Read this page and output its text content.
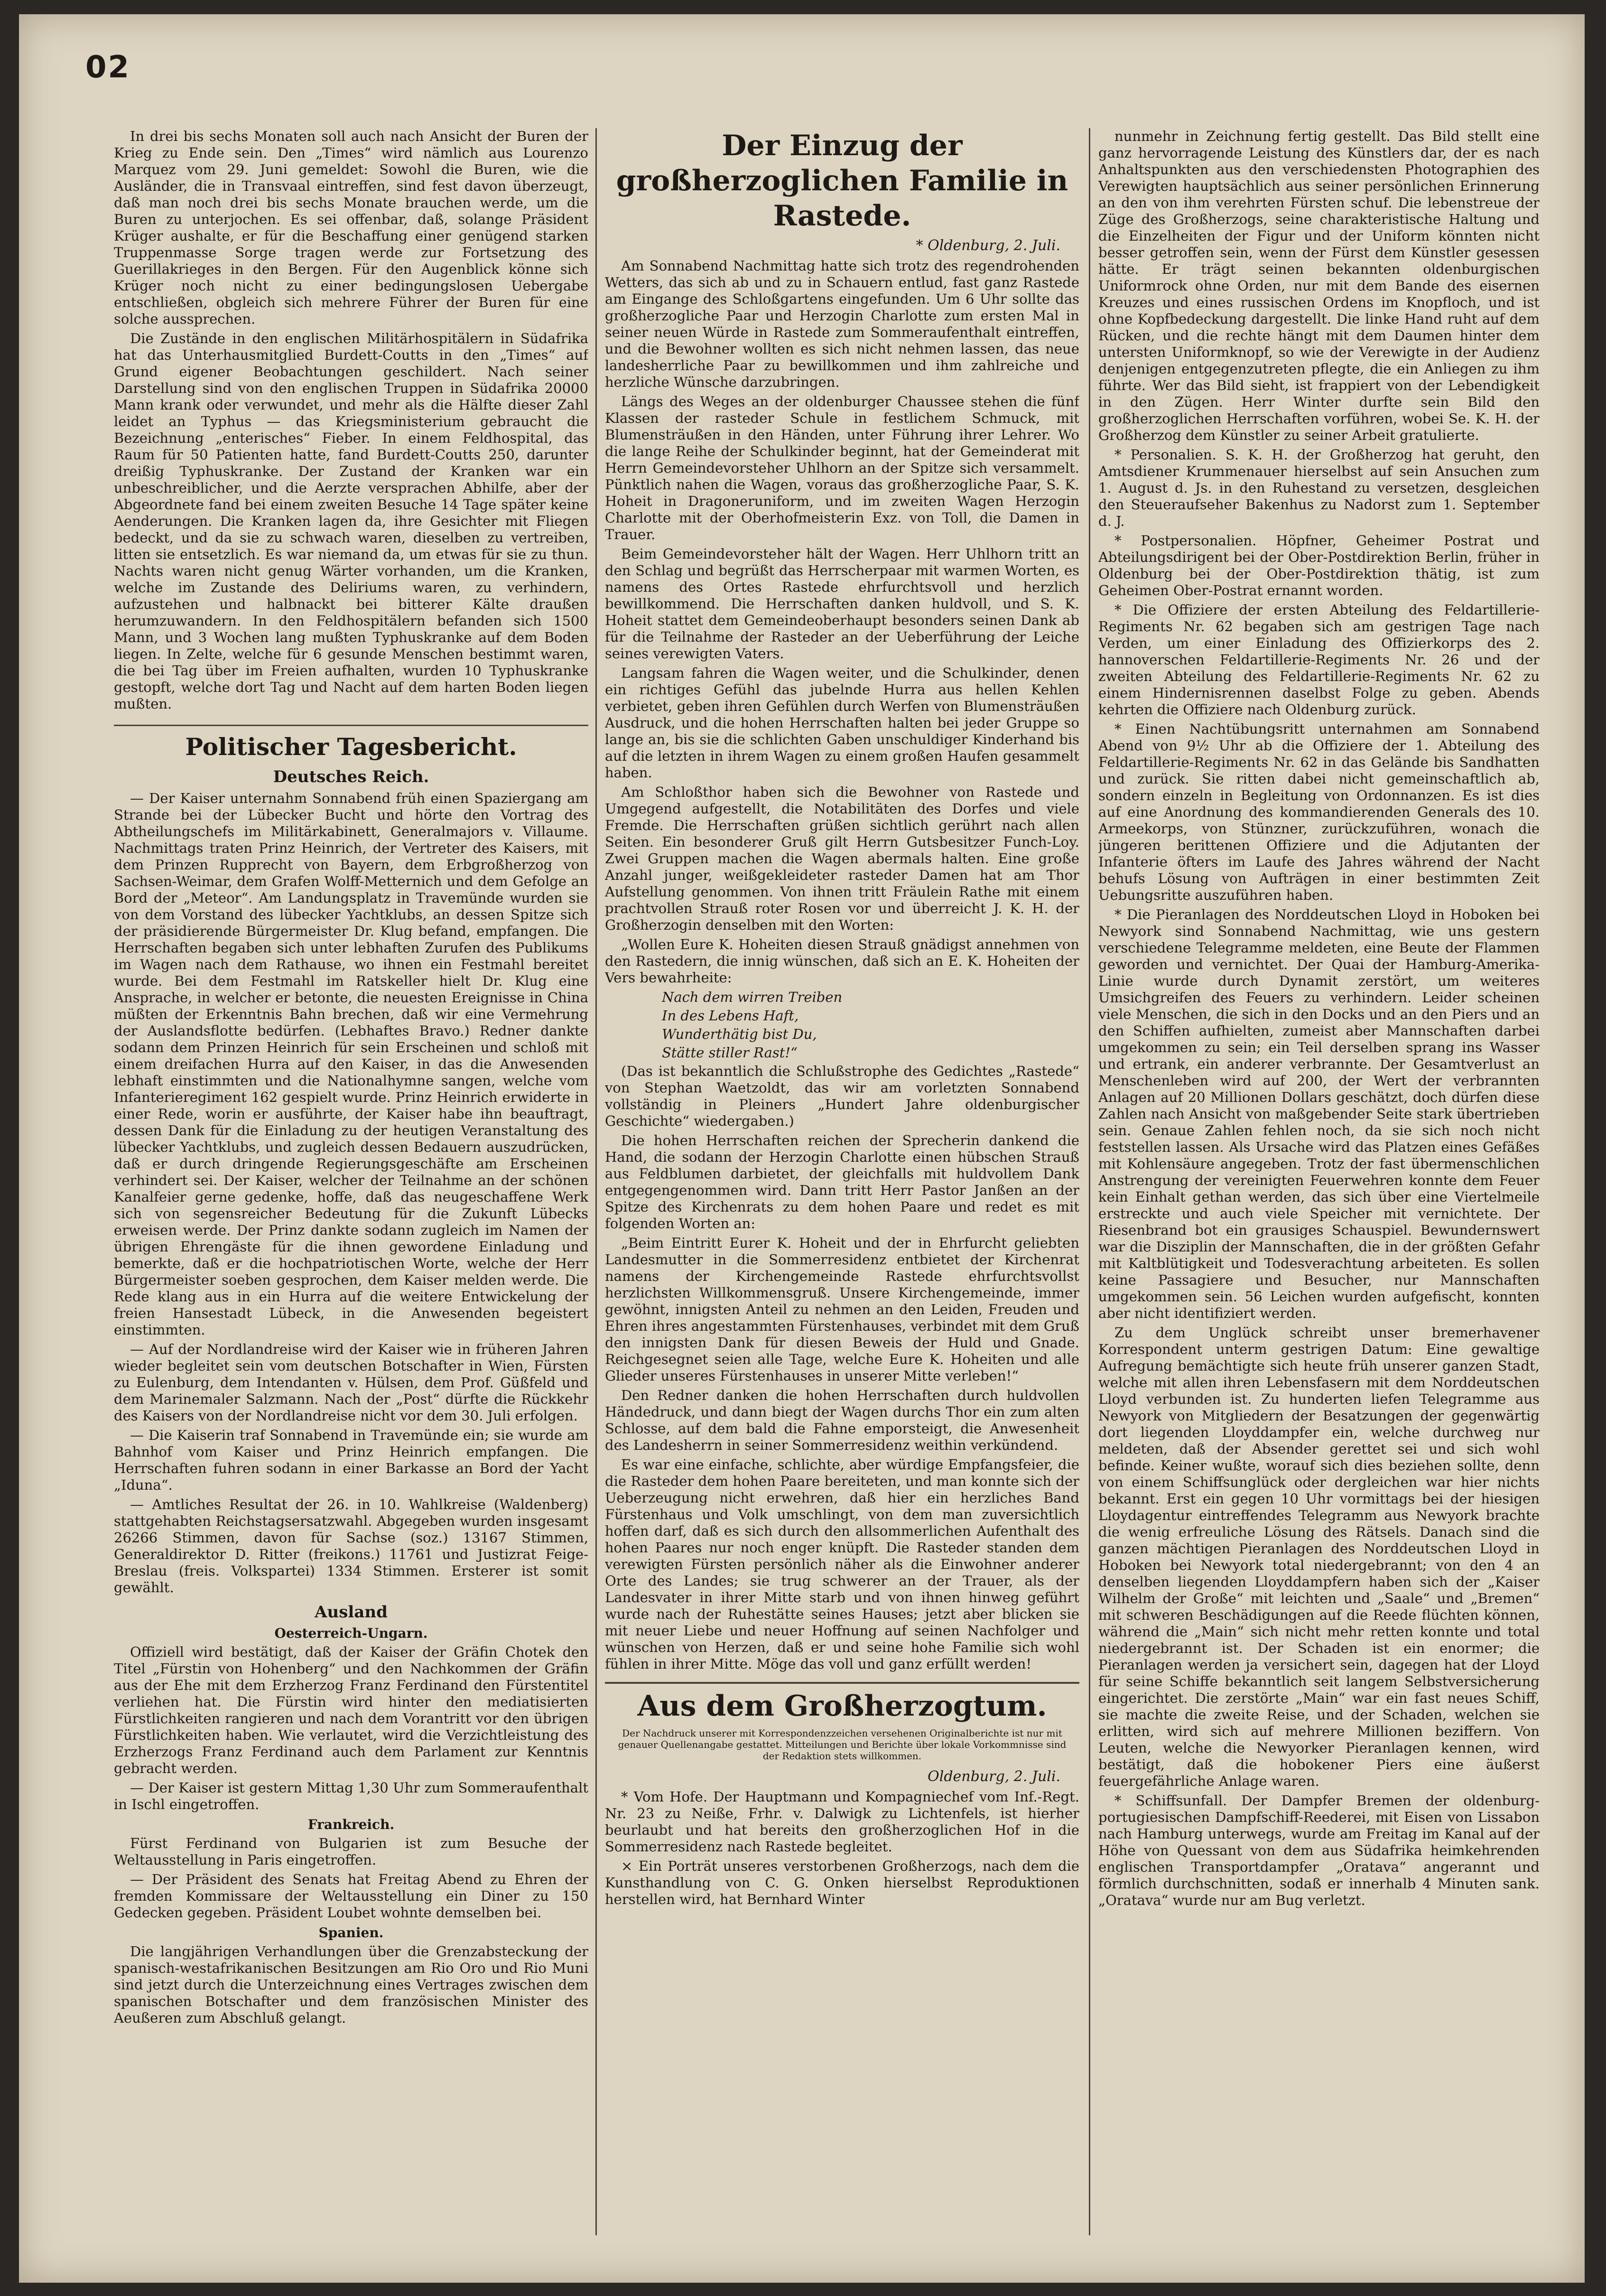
02

In drei bis sechs Monaten soll auch nach Ansicht der Buren der Krieg zu Ende sein. Den „Times“ wird nämlich aus Lourenzo Marquez vom 29. Juni gemeldet: Sowohl die Buren, wie die Ausländer, die in Transvaal eintreffen, sind fest davon überzeugt, daß man noch drei bis sechs Monate brauchen werde, um die Buren zu unterjochen. Es sei offenbar, daß, solange Präsident Krüger aushalte, er für die Beschaffung einer genügend starken Truppenmasse Sorge tragen werde zur Fortsetzung des Guerillakrieges in den Bergen. Für den Augenblick könne sich Krüger noch nicht zu einer bedingungslosen Uebergabe entschließen, obgleich sich mehrere Führer der Buren für eine solche aussprechen.

Die Zustände in den englischen Militärhospitälern in Südafrika hat das Unterhausmitglied Burdett-Coutts in den „Times“ auf Grund eigener Beobachtungen geschildert. Nach seiner Darstellung sind von den englischen Truppen in Südafrika 20000 Mann krank oder verwundet, und mehr als die Hälfte dieser Zahl leidet an Typhus — das Kriegsministerium gebraucht die Bezeichnung „enterisches“ Fieber. In einem Feldhospital, das Raum für 50 Patienten hatte, fand Burdett-Coutts 250, darunter dreißig Typhuskranke. Der Zustand der Kranken war ein unbeschreiblicher, und die Aerzte versprachen Abhilfe, aber der Abgeordnete fand bei einem zweiten Besuche 14 Tage später keine Aenderungen. Die Kranken lagen da, ihre Gesichter mit Fliegen bedeckt, und da sie zu schwach waren, dieselben zu vertreiben, litten sie entsetzlich. Es war niemand da, um etwas für sie zu thun. Nachts waren nicht genug Wärter vorhanden, um die Kranken, welche im Zustande des Deliriums waren, zu verhindern, aufzustehen und halbnackt bei bitterer Kälte draußen herumzuwandern. In den Feldhospitälern befanden sich 1500 Mann, und 3 Wochen lang mußten Typhuskranke auf dem Boden liegen. In Zelte, welche für 6 gesunde Menschen bestimmt waren, die bei Tag über im Freien aufhalten, wurden 10 Typhuskranke gestopft, welche dort Tag und Nacht auf dem harten Boden liegen mußten.

Politischer Tagesbericht.
Deutsches Reich.

— Der Kaiser unternahm Sonnabend früh einen Spaziergang am Strande bei der Lübecker Bucht und hörte den Vortrag des Abtheilungschefs im Militärkabinett, Generalmajors v. Villaume. Nachmittags traten Prinz Heinrich, der Vertreter des Kaisers, mit dem Prinzen Rupprecht von Bayern, dem Erbgroßherzog von Sachsen-Weimar, dem Grafen Wolff-Metternich und dem Gefolge an Bord der „Meteor“. Am Landungsplatz in Travemünde wurden sie von dem Vorstand des lübecker Yachtklubs, an dessen Spitze sich der präsidierende Bürgermeister Dr. Klug befand, empfangen. Die Herrschaften begaben sich unter lebhaften Zurufen des Publikums im Wagen nach dem Rathause, wo ihnen ein Festmahl bereitet wurde. Bei dem Festmahl im Ratskeller hielt Dr. Klug eine Ansprache, in welcher er betonte, die neuesten Ereignisse in China müßten der Erkenntnis Bahn brechen, daß wir eine Vermehrung der Auslandsflotte bedürfen. (Lebhaftes Bravo.) Redner dankte sodann dem Prinzen Heinrich für sein Erscheinen und schloß mit einem dreifachen Hurra auf den Kaiser, in das die Anwesenden lebhaft einstimmten und die Nationalhymne sangen, welche vom Infanterieregiment 162 gespielt wurde. Prinz Heinrich erwiderte in einer Rede, worin er ausführte, der Kaiser habe ihn beauftragt, dessen Dank für die Einladung zu der heutigen Veranstaltung des lübecker Yachtklubs, und zugleich dessen Bedauern auszudrücken, daß er durch dringende Regierungsgeschäfte am Erscheinen verhindert sei. Der Kaiser, welcher der Teilnahme an der schönen Kanalfeier gerne gedenke, hoffe, daß das neugeschaffene Werk sich von segensreicher Bedeutung für die Zukunft Lübecks erweisen werde. Der Prinz dankte sodann zugleich im Namen der übrigen Ehrengäste für die ihnen gewordene Einladung und bemerkte, daß er die hochpatriotischen Worte, welche der Herr Bürgermeister soeben gesprochen, dem Kaiser melden werde. Die Rede klang aus in ein Hurra auf die weitere Entwickelung der freien Hansestadt Lübeck, in die Anwesenden begeistert einstimmten.

— Auf der Nordlandreise wird der Kaiser wie in früheren Jahren wieder begleitet sein vom deutschen Botschafter in Wien, Fürsten zu Eulenburg, dem Intendanten v. Hülsen, dem Prof. Güßfeld und dem Marinemaler Salzmann. Nach der „Post“ dürfte die Rückkehr des Kaisers von der Nordlandreise nicht vor dem 30. Juli erfolgen.

— Die Kaiserin traf Sonnabend in Travemünde ein; sie wurde am Bahnhof vom Kaiser und Prinz Heinrich empfangen. Die Herrschaften fuhren sodann in einer Barkasse an Bord der Yacht „Iduna“.

— Amtliches Resultat der 26. in 10. Wahlkreise (Waldenberg) stattgehabten Reichstagsersatzwahl. Abgegeben wurden insgesamt 26266 Stimmen, davon für Sachse (soz.) 13167 Stimmen, Generaldirektor D. Ritter (freikons.) 11761 und Justizrat Feige-Breslau (freis. Volkspartei) 1334 Stimmen. Ersterer ist somit gewählt.

Ausland
Oesterreich-Ungarn.

Offiziell wird bestätigt, daß der Kaiser der Gräfin Chotek den Titel „Fürstin von Hohenberg“ und den Nachkommen der Gräfin aus der Ehe mit dem Erzherzog Franz Ferdinand den Fürstentitel verliehen hat. Die Fürstin wird hinter den mediatisierten Fürstlichkeiten rangieren und nach dem Vorantritt vor den übrigen Fürstlichkeiten haben. Wie verlautet, wird die Verzichtleistung des Erzherzogs Franz Ferdinand auch dem Parlament zur Kenntnis gebracht werden.

— Der Kaiser ist gestern Mittag 1,30 Uhr zum Sommeraufenthalt in Ischl eingetroffen.

Frankreich.

Fürst Ferdinand von Bulgarien ist zum Besuche der Weltausstellung in Paris eingetroffen.

— Der Präsident des Senats hat Freitag Abend zu Ehren der fremden Kommissare der Weltausstellung ein Diner zu 150 Gedecken gegeben. Präsident Loubet wohnte demselben bei.

Spanien.

Die langjährigen Verhandlungen über die Grenzabsteckung der spanisch-westafrikanischen Besitzungen am Rio Oro und Rio Muni sind jetzt durch die Unterzeichnung eines Vertrages zwischen dem spanischen Botschafter und dem französischen Minister des Aeußeren zum Abschluß gelangt.

Der Einzug der großherzoglichen Familie in Rastede.
* Oldenburg, 2. Juli.

Am Sonnabend Nachmittag hatte sich trotz des regendrohenden Wetters, das sich ab und zu in Schauern entlud, fast ganz Rastede am Eingange des Schloßgartens eingefunden. Um 6 Uhr sollte das großherzogliche Paar und Herzogin Charlotte zum ersten Mal in seiner neuen Würde in Rastede zum Sommeraufenthalt eintreffen, und die Bewohner wollten es sich nicht nehmen lassen, das neue landesherrliche Paar zu bewillkommen und ihm zahlreiche und herzliche Wünsche darzubringen.

Längs des Weges an der oldenburger Chaussee stehen die fünf Klassen der rasteder Schule in festlichem Schmuck, mit Blumensträußen in den Händen, unter Führung ihrer Lehrer. Wo die lange Reihe der Schulkinder beginnt, hat der Gemeinderat mit Herrn Gemeindevorsteher Uhlhorn an der Spitze sich versammelt. Pünktlich nahen die Wagen, voraus das großherzogliche Paar, S. K. Hoheit in Dragoneruniform, und im zweiten Wagen Herzogin Charlotte mit der Oberhofmeisterin Exz. von Toll, die Damen in Trauer.

Beim Gemeindevorsteher hält der Wagen. Herr Uhlhorn tritt an den Schlag und begrüßt das Herrscherpaar mit warmen Worten, es namens des Ortes Rastede ehrfurchtsvoll und herzlich bewillkommend. Die Herrschaften danken huldvoll, und S. K. Hoheit stattet dem Gemeindeoberhaupt besonders seinen Dank ab für die Teilnahme der Rasteder an der Ueberführung der Leiche seines verewigten Vaters.

Langsam fahren die Wagen weiter, und die Schulkinder, denen ein richtiges Gefühl das jubelnde Hurra aus hellen Kehlen verbietet, geben ihren Gefühlen durch Werfen von Blumensträußen Ausdruck, und die hohen Herrschaften halten bei jeder Gruppe so lange an, bis sie die schlichten Gaben unschuldiger Kinderhand bis auf die letzten in ihrem Wagen zu einem großen Haufen gesammelt haben.

Am Schloßthor haben sich die Bewohner von Rastede und Umgegend aufgestellt, die Notabilitäten des Dorfes und viele Fremde. Die Herrschaften grüßen sichtlich gerührt nach allen Seiten. Ein besonderer Gruß gilt Herrn Gutsbesitzer Funch-Loy. Zwei Gruppen machen die Wagen abermals halten. Eine große Anzahl junger, weißgekleideter rasteder Damen hat am Thor Aufstellung genommen. Von ihnen tritt Fräulein Rathe mit einem prachtvollen Strauß roter Rosen vor und überreicht J. K. H. der Großherzogin denselben mit den Worten:

„Wollen Eure K. Hoheiten diesen Strauß gnädigst annehmen von den Rastedern, die innig wünschen, daß sich an E. K. Hoheiten der Vers bewahrheite:

Nach dem wirren Treiben

In des Lebens Haft,

Wunderthätig bist Du,

Stätte stiller Rast!“

(Das ist bekanntlich die Schlußstrophe des Gedichtes „Rastede“ von Stephan Waetzoldt, das wir am vorletzten Sonnabend vollständig in Pleiners „Hundert Jahre oldenburgischer Geschichte“ wiedergaben.)

Die hohen Herrschaften reichen der Sprecherin dankend die Hand, die sodann der Herzogin Charlotte einen hübschen Strauß aus Feldblumen darbietet, der gleichfalls mit huldvollem Dank entgegengenommen wird. Dann tritt Herr Pastor Janßen an der Spitze des Kirchenrats zu dem hohen Paare und redet es mit folgenden Worten an:

„Beim Eintritt Eurer K. Hoheit und der in Ehrfurcht geliebten Landesmutter in die Sommerresidenz entbietet der Kirchenrat namens der Kirchengemeinde Rastede ehrfurchtsvollst herzlichsten Willkommensgruß. Unsere Kirchengemeinde, immer gewöhnt, innigsten Anteil zu nehmen an den Leiden, Freuden und Ehren ihres angestammten Fürstenhauses, verbindet mit dem Gruß den innigsten Dank für diesen Beweis der Huld und Gnade. Reichgesegnet seien alle Tage, welche Eure K. Hoheiten und alle Glieder unseres Fürstenhauses in unserer Mitte verleben!“

Den Redner danken die hohen Herrschaften durch huldvollen Händedruck, und dann biegt der Wagen durchs Thor ein zum alten Schlosse, auf dem bald die Fahne emporsteigt, die Anwesenheit des Landesherrn in seiner Sommerresidenz weithin verkündend.

Es war eine einfache, schlichte, aber würdige Empfangsfeier, die die Rasteder dem hohen Paare bereiteten, und man konnte sich der Ueberzeugung nicht erwehren, daß hier ein herzliches Band Fürstenhaus und Volk umschlingt, von dem man zuversichtlich hoffen darf, daß es sich durch den allsommerlichen Aufenthalt des hohen Paares nur noch enger knüpft. Die Rasteder standen dem verewigten Fürsten persönlich näher als die Einwohner anderer Orte des Landes; sie trug schwerer an der Trauer, als der Landesvater in ihrer Mitte starb und von ihnen hinweg geführt wurde nach der Ruhestätte seines Hauses; jetzt aber blicken sie mit neuer Liebe und neuer Hoffnung auf seinen Nachfolger und wünschen von Herzen, daß er und seine hohe Familie sich wohl fühlen in ihrer Mitte. Möge das voll und ganz erfüllt werden!

Aus dem Großherzogtum.
Der Nachdruck unserer mit Korrespondenzzeichen versehenen Originalberichte ist nur mit genauer Quellenangabe gestattet. Mitteilungen und Berichte über lokale Vorkommnisse sind der Redaktion stets willkommen.
Oldenburg, 2. Juli.

* Vom Hofe. Der Hauptmann und Kompagniechef vom Inf.-Regt. Nr. 23 zu Neiße, Frhr. v. Dalwigk zu Lichtenfels, ist hierher beurlaubt und hat bereits den großherzoglichen Hof in die Sommerresidenz nach Rastede begleitet.

× Ein Porträt unseres verstorbenen Großherzogs, nach dem die Kunsthandlung von C. G. Onken hierselbst Reproduktionen herstellen wird, hat Bernhard Winter

nunmehr in Zeichnung fertig gestellt. Das Bild stellt eine ganz hervorragende Leistung des Künstlers dar, der es nach Anhaltspunkten aus den verschiedensten Photographien des Verewigten hauptsächlich aus seiner persönlichen Erinnerung an den von ihm verehrten Fürsten schuf. Die lebenstreue der Züge des Großherzogs, seine charakteristische Haltung und die Einzelheiten der Figur und der Uniform könnten nicht besser getroffen sein, wenn der Fürst dem Künstler gesessen hätte. Er trägt seinen bekannten oldenburgischen Uniformrock ohne Orden, nur mit dem Bande des eisernen Kreuzes und eines russischen Ordens im Knopfloch, und ist ohne Kopfbedeckung dargestellt. Die linke Hand ruht auf dem Rücken, und die rechte hängt mit dem Daumen hinter dem untersten Uniformknopf, so wie der Verewigte in der Audienz denjenigen entgegenzutreten pflegte, die ein Anliegen zu ihm führte. Wer das Bild sieht, ist frappiert von der Lebendigkeit in den Zügen. Herr Winter durfte sein Bild den großherzoglichen Herrschaften vorführen, wobei Se. K. H. der Großherzog dem Künstler zu seiner Arbeit gratulierte.

* Personalien. S. K. H. der Großherzog hat geruht, den Amtsdiener Krummenauer hierselbst auf sein Ansuchen zum 1. August d. Js. in den Ruhestand zu versetzen, desgleichen den Steueraufseher Bakenhus zu Nadorst zum 1. September d. J.

* Postpersonalien. Höpfner, Geheimer Postrat und Abteilungsdirigent bei der Ober-Postdirektion Berlin, früher in Oldenburg bei der Ober-Postdirektion thätig, ist zum Geheimen Ober-Postrat ernannt worden.

* Die Offiziere der ersten Abteilung des Feldartillerie-Regiments Nr. 62 begaben sich am gestrigen Tage nach Verden, um einer Einladung des Offizierkorps des 2. hannoverschen Feldartillerie-Regiments Nr. 26 und der zweiten Abteilung des Feldartillerie-Regiments Nr. 62 zu einem Hindernisrennen daselbst Folge zu geben. Abends kehrten die Offiziere nach Oldenburg zurück.

* Einen Nachtübungsritt unternahmen am Sonnabend Abend von 9½ Uhr ab die Offiziere der 1. Abteilung des Feldartillerie-Regiments Nr. 62 in das Gelände bis Sandhatten und zurück. Sie ritten dabei nicht gemeinschaftlich ab, sondern einzeln in Begleitung von Ordonnanzen. Es ist dies auf eine Anordnung des kommandierenden Generals des 10. Armeekorps, von Stünzner, zurückzuführen, wonach die jüngeren berittenen Offiziere und die Adjutanten der Infanterie öfters im Laufe des Jahres während der Nacht behufs Lösung von Aufträgen in einer bestimmten Zeit Uebungsritte auszuführen haben.

* Die Pieranlagen des Norddeutschen Lloyd in Hoboken bei Newyork sind Sonnabend Nachmittag, wie uns gestern verschiedene Telegramme meldeten, eine Beute der Flammen geworden und vernichtet. Der Quai der Hamburg-Amerika-Linie wurde durch Dynamit zerstört, um weiteres Umsichgreifen des Feuers zu verhindern. Leider scheinen viele Menschen, die sich in den Docks und an den Piers und an den Schiffen aufhielten, zumeist aber Mannschaften darbei umgekommen zu sein; ein Teil derselben sprang ins Wasser und ertrank, ein anderer verbrannte. Der Gesamtverlust an Menschenleben wird auf 200, der Wert der verbrannten Anlagen auf 20 Millionen Dollars geschätzt, doch dürfen diese Zahlen nach Ansicht von maßgebender Seite stark übertrieben sein. Genaue Zahlen fehlen noch, da sie sich noch nicht feststellen lassen. Als Ursache wird das Platzen eines Gefäßes mit Kohlensäure angegeben. Trotz der fast übermenschlichen Anstrengung der vereinigten Feuerwehren konnte dem Feuer kein Einhalt gethan werden, das sich über eine Viertelmeile erstreckte und auch viele Speicher mit vernichtete. Der Riesenbrand bot ein grausiges Schauspiel. Bewundernswert war die Disziplin der Mannschaften, die in der größten Gefahr mit Kaltblütigkeit und Todesverachtung arbeiteten. Es sollen keine Passagiere und Besucher, nur Mannschaften umgekommen sein. 56 Leichen wurden aufgefischt, konnten aber nicht identifiziert werden.

Zu dem Unglück schreibt unser bremerhavener Korrespondent unterm gestrigen Datum: Eine gewaltige Aufregung bemächtigte sich heute früh unserer ganzen Stadt, welche mit allen ihren Lebensfasern mit dem Norddeutschen Lloyd verbunden ist. Zu hunderten liefen Telegramme aus Newyork von Mitgliedern der Besatzungen der gegenwärtig dort liegenden Lloyddampfer ein, welche durchweg nur meldeten, daß der Absender gerettet sei und sich wohl befinde. Keiner wußte, worauf sich dies beziehen sollte, denn von einem Schiffsunglück oder dergleichen war hier nichts bekannt. Erst ein gegen 10 Uhr vormittags bei der hiesigen Lloydagentur eintreffendes Telegramm aus Newyork brachte die wenig erfreuliche Lösung des Rätsels. Danach sind die ganzen mächtigen Pieranlagen des Norddeutschen Lloyd in Hoboken bei Newyork total niedergebrannt; von den 4 an denselben liegenden Lloyddampfern haben sich der „Kaiser Wilhelm der Große“ mit leichten und „Saale“ und „Bremen“ mit schweren Beschädigungen auf die Reede flüchten können, während die „Main“ sich nicht mehr retten konnte und total niedergebrannt ist. Der Schaden ist ein enormer; die Pieranlagen werden ja versichert sein, dagegen hat der Lloyd für seine Schiffe bekanntlich seit langem Selbstversicherung eingerichtet. Die zerstörte „Main“ war ein fast neues Schiff, sie machte die zweite Reise, und der Schaden, welchen sie erlitten, wird sich auf mehrere Millionen beziffern. Von Leuten, welche die Newyorker Pieranlagen kennen, wird bestätigt, daß die hobokener Piers eine äußerst feuergefährliche Anlage waren.

* Schiffsunfall. Der Dampfer Bremen der oldenburg-portugiesischen Dampfschiff-Reederei, mit Eisen von Lissabon nach Hamburg unterwegs, wurde am Freitag im Kanal auf der Höhe von Quessant von dem aus Südafrika heimkehrenden englischen Transportdampfer „Oratava“ angerannt und förmlich durchschnitten, sodaß er innerhalb 4 Minuten sank. „Oratava“ wurde nur am Bug verletzt.
